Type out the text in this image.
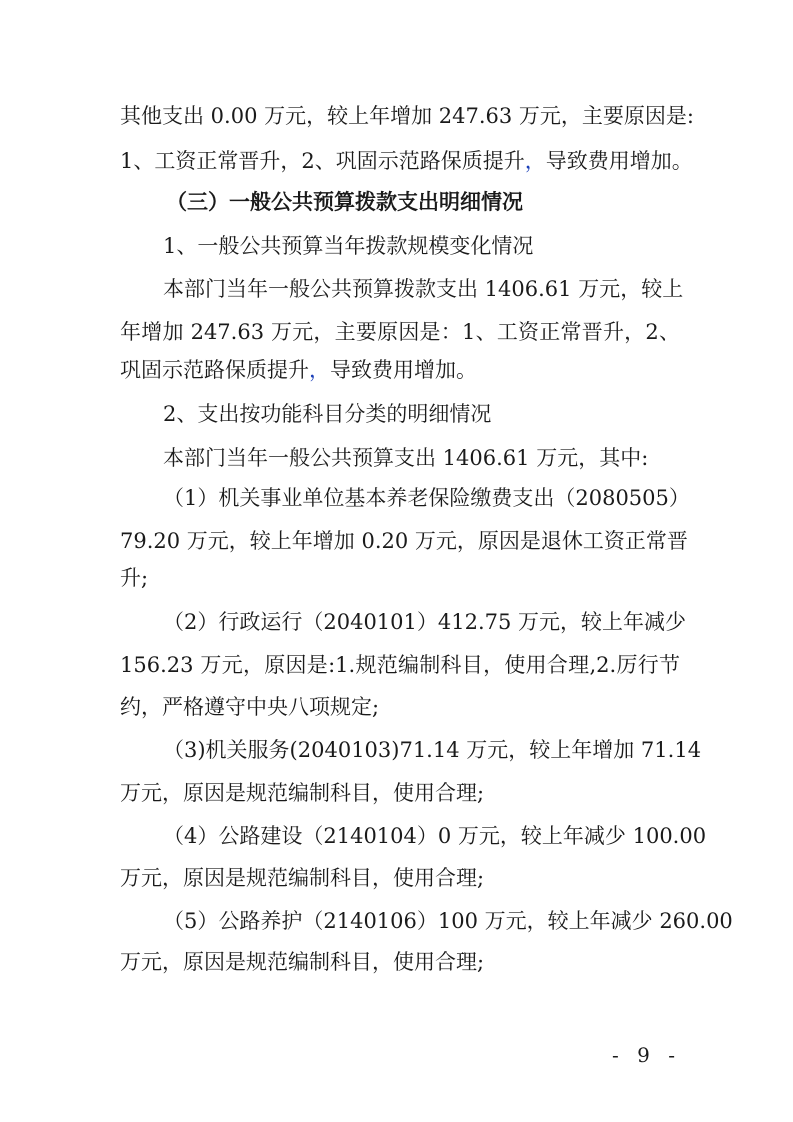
其他支出 0.00 万元，较上年增加 247.63 万元，主要原因是:
1、工资正常晋升，2、巩固示范路保质提升，导致费用增加。
（三）一般公共预算拨款支出明细情况
1、一般公共预算当年拨款规模变化情况
本部门当年一般公共预算拨款支出 1406.61 万元，较上
年增加 247.63 万元，主要原因是：1、工资正常晋升，2、
巩固示范路保质提升，导致费用增加。
2、支出按功能科目分类的明细情况
本部门当年一般公共预算支出 1406.61 万元，其中:
（1）机关事业单位基本养老保险缴费支出（2080505）
79.20 万元，较上年增加 0.20 万元，原因是退休工资正常晋
升;
（2）行政运行（2040101）412.75 万元，较上年减少
156.23 万元，原因是:1.规范编制科目，使用合理,2.厉行节
约，严格遵守中央八项规定;
（3)机关服务(2040103)71.14 万元，较上年增加 71.14
万元，原因是规范编制科目，使用合理;
（4）公路建设（2140104）0 万元，较上年减少 100.00
万元，原因是规范编制科目，使用合理;
（5）公路养护（2140106）100 万元，较上年减少 260.00
万元，原因是规范编制科目，使用合理;
- 9 -
